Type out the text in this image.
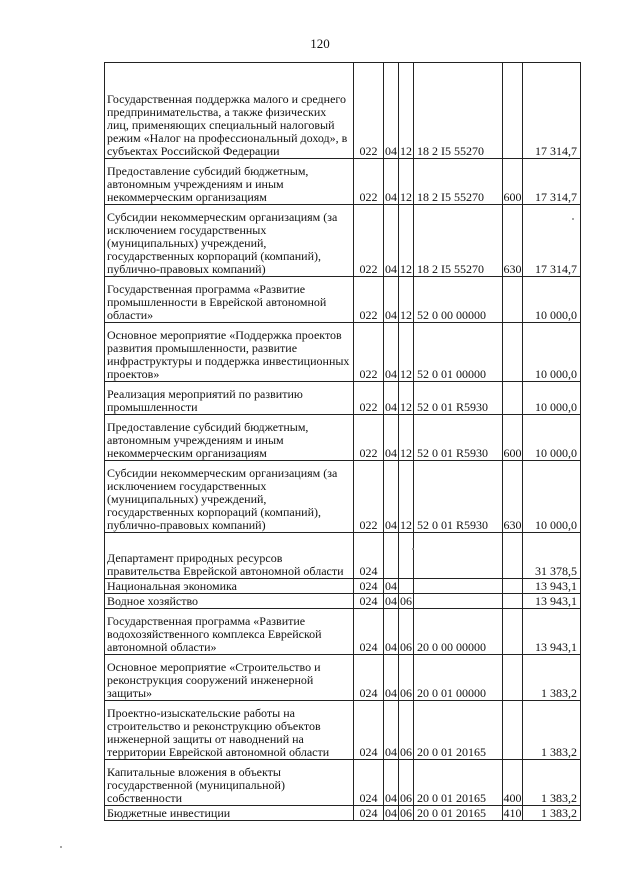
120
Государственная поддержка малого и среднего предпринимательства, а также физических лиц, применяющих специальный налоговый режим «Налог на профессиональный доход», в субъектах Российской Федерации	022	04	12	18 2 I5 55270		17 314,7
Предоставление субсидий бюджетным, автономным учреждениям и иным некоммерческим организациям	022	04	12	18 2 I5 55270	600	17 314,7
Субсидии некоммерческим организациям (за исключением государственных (муниципальных) учреждений, государственных корпораций (компаний), публично-правовых компаний)	022	04	12	18 2 I5 55270	630	17 314,7
Государственная программа «Развитие промышленности в Еврейской автономной области»	022	04	12	52 0 00 00000		10 000,0
Основное мероприятие «Поддержка проектов развития промышленности, развитие инфраструктуры и поддержка инвестиционных проектов»	022	04	12	52 0 01 00000		10 000,0
Реализация мероприятий по развитию промышленности	022	04	12	52 0 01 R5930		10 000,0
Предоставление субсидий бюджетным, автономным учреждениям и иным некоммерческим организациям	022	04	12	52 0 01 R5930	600	10 000,0
Субсидии некоммерческим организациям (за исключением государственных (муниципальных) учреждений, государственных корпораций (компаний), публично-правовых компаний)	022	04	12	52 0 01 R5930	630	10 000,0
Департамент природных ресурсов правительства Еврейской автономной области	024					31 378,5
Национальная экономика	024	04				13 943,1
Водное хозяйство	024	04	06			13 943,1
Государственная программа «Развитие водохозяйственного комплекса Еврейской автономной области»	024	04	06	20 0 00 00000		13 943,1
Основное мероприятие «Строительство и реконструкция сооружений инженерной защиты»	024	04	06	20 0 01 00000		1 383,2
Проектно-изыскательские работы на строительство и реконструкцию объектов инженерной защиты от наводнений на территории Еврейской автономной области	024	04	06	20 0 01 20165		1 383,2
Капитальные вложения в объекты государственной (муниципальной) собственности	024	04	06	20 0 01 20165	400	1 383,2
Бюджетные инвестиции	024	04	06	20 0 01 20165	410	1 383,2
